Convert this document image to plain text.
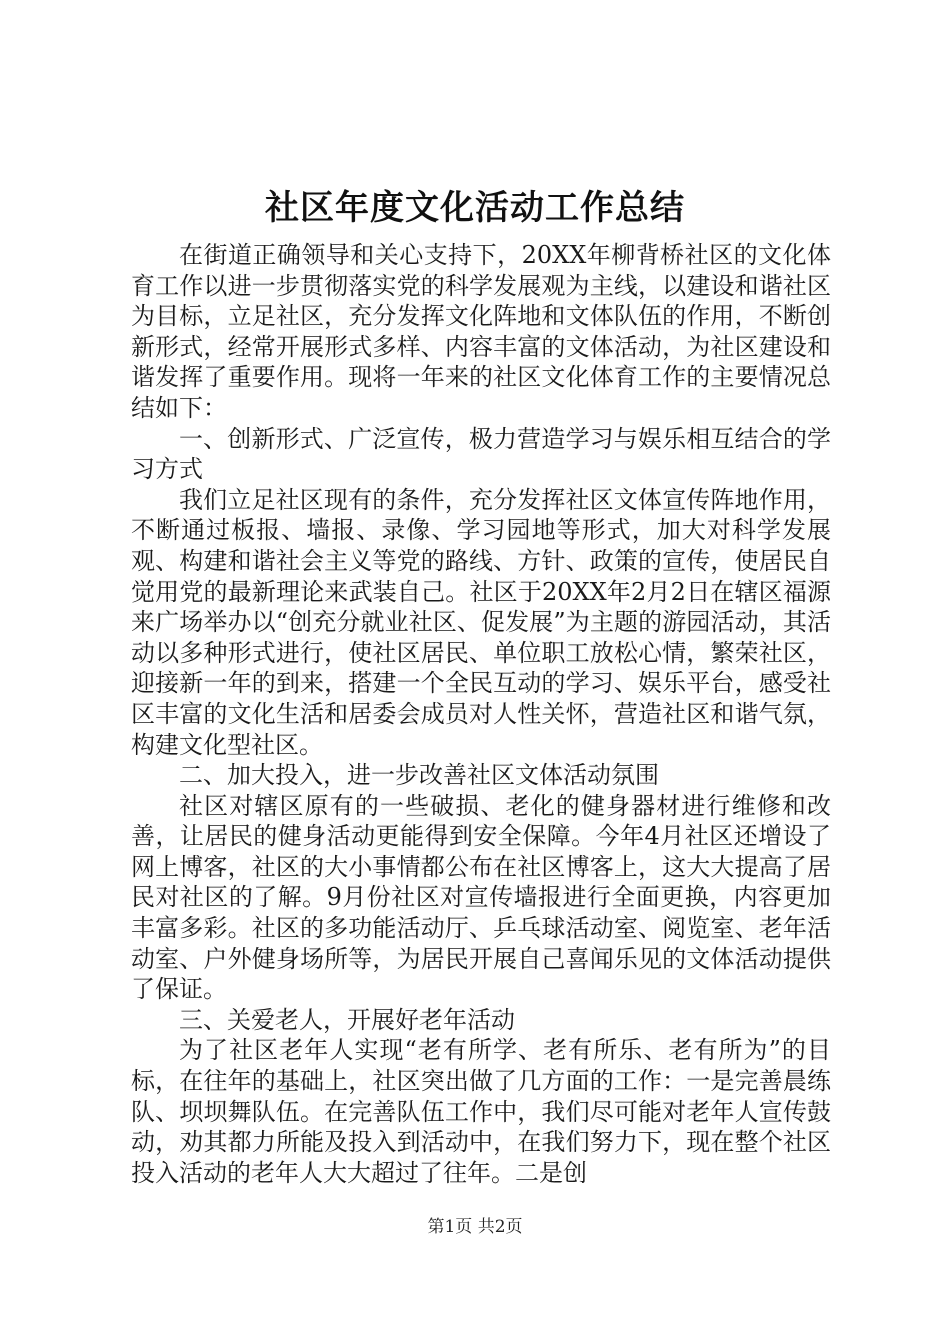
社区年度文化活动工作总结

在街道正确领导和关心支持下，20XX年柳背桥社区的文化体育工作以进一步贯彻落实党的科学发展观为主线，以建设和谐社区为目标，立足社区，充分发挥文化阵地和文体队伍的作用，不断创新形式，经常开展形式多样、内容丰富的文体活动，为社区建设和谐发挥了重要作用。现将一年来的社区文化体育工作的主要情况总结如下：

一、创新形式、广泛宣传，极力营造学习与娱乐相互结合的学习方式

我们立足社区现有的条件，充分发挥社区文体宣传阵地作用，不断通过板报、墙报、录像、学习园地等形式，加大对科学发展观、构建和谐社会主义等党的路线、方针、政策的宣传，使居民自觉用党的最新理论来武装自己。社区于20XX年2月2日在辖区福源来广场举办以“创充分就业社区、促发展”为主题的游园活动，其活动以多种形式进行，使社区居民、单位职工放松心情，繁荣社区，迎接新一年的到来，搭建一个全民互动的学习、娱乐平台，感受社区丰富的文化生活和居委会成员对人性关怀，营造社区和谐气氛，构建文化型社区。

二、加大投入，进一步改善社区文体活动氛围

社区对辖区原有的一些破损、老化的健身器材进行维修和改善，让居民的健身活动更能得到安全保障。今年4月社区还增设了网上博客，社区的大小事情都公布在社区博客上，这大大提高了居民对社区的了解。9月份社区对宣传墙报进行全面更换，内容更加丰富多彩。社区的多功能活动厅、乒乓球活动室、阅览室、老年活动室、户外健身场所等，为居民开展自己喜闻乐见的文体活动提供了保证。

三、关爱老人，开展好老年活动

为了社区老年人实现“老有所学、老有所乐、老有所为”的目标，在往年的基础上，社区突出做了几方面的工作：一是完善晨练队、坝坝舞队伍。在完善队伍工作中，我们尽可能对老年人宣传鼓动，劝其都力所能及投入到活动中，在我们努力下，现在整个社区投入活动的老年人大大超过了往年。二是创

第1页 共2页
